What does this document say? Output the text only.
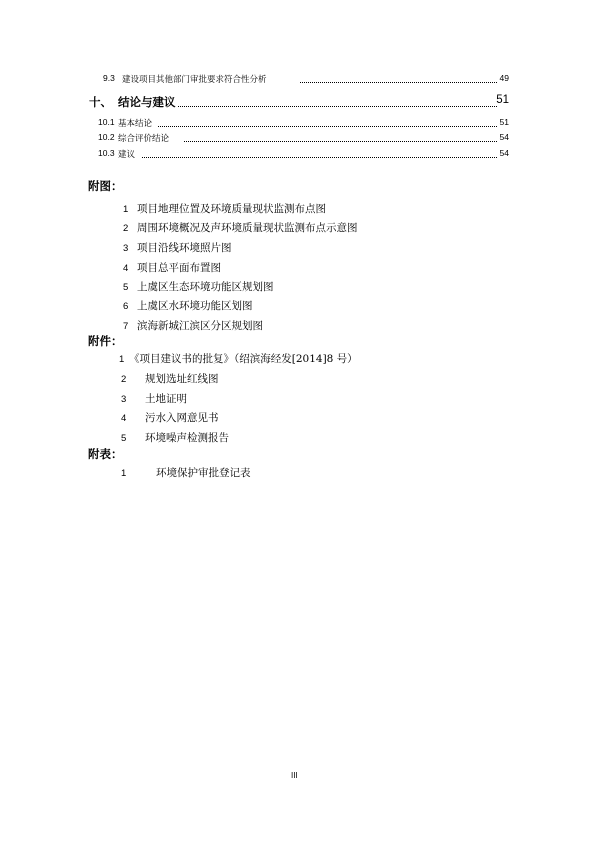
9.3 建设项目其他部门审批要求符合性分析	49
十、 结论与建议	51
10.1 基本结论	51
10.2 综合评价结论	54
10.3 建议	54
附图：
1 项目地理位置及环境质量现状监测布点图
2 周围环境概况及声环境质量现状监测布点示意图
3 项目沿线环境照片图
4 项目总平面布置图
5 上虞区生态环境功能区规划图
6 上虞区水环境功能区划图
7 滨海新城江滨区分区规划图
附件：
1 《项目建议书的批复》（绍滨海经发[2014]8 号）
2 规划选址红线图
3 土地证明
4 污水入网意见书
5 环境噪声检测报告
附表：
1	环境保护审批登记表
III
